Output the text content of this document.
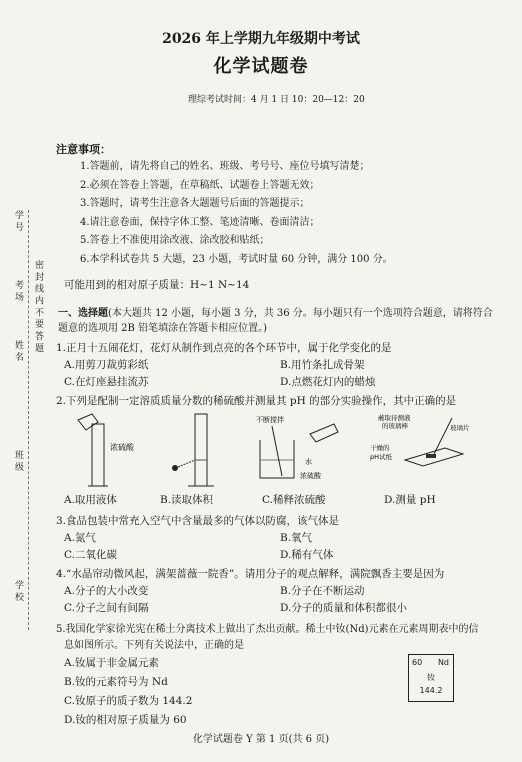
学 号
密 封 线 内 不 要 答 题
考 场
姓 名
班 级
学 校
2026 年上学期九年级期中考试
化学试题卷
理综考试时间：4 月 1 日 10：20—12：20
注意事项：
1.答题前，请先将自己的姓名、班级、考号号、座位号填写清楚；
2.必须在答卷上答题，在草稿纸、试题卷上答题无效；
3.答题时，请考生注意各大题题号后面的答题提示；
4.请注意卷面，保持字体工整、笔迹清晰、卷面清洁；
5.答卷上不准使用涂改液、涂改胶和贴纸；
6.本学科试卷共 5 大题，23 小题，考试时量 60 分钟，满分 100 分。
可能用到的相对原子质量：H~1 N~14
一、选择题(本大题共 12 小题，每小题 3 分，共 36 分。每小题只有一个选项符合题意，请将符合题意的选项用 2B 铅笔填涂在答题卡相应位置。)
1.正月十五闹花灯，花灯从制作到点亮的各个环节中，属于化学变化的是
A.用剪刀裁剪彩纸	B.用竹条扎成骨架
C.在灯座悬挂流苏	D.点燃花灯内的蜡烛
2.下列是配制一定溶质质量分数的稀硫酸并测量其 pH 的部分实验操作，其中正确的是
浓硫酸
不断搅拌
水
浓硫酸
蘸取待测液
的玻璃棒	玻璃片
干燥的
pH试纸
A.取用液体	B.读取体积	C.稀释浓硫酸	D.测量 pH
3.食品包装中常充入空气中含量最多的气体以防腐，该气体是
A.氮气	B.氧气
C.二氧化碳	D.稀有气体
4.“水晶帘动微风起，满架蔷薇一院香”。请用分子的观点解释，满院飘香主要是因为
A.分子的大小改变	B.分子在不断运动
C.分子之间有间隔	D.分子的质量和体积都很小
5.我国化学家徐光宪在稀土分离技术上做出了杰出贡献。稀土中钕(Nd)元素在元素周期表中的信
息如图所示。下列有关说法中，正确的是
A.钕属于非金属元素
B.钕的元素符号为 Nd
C.钕原子的质子数为 144.2
D.钕的相对原子质量为 60
60 Nd
钕
144.2
化学试题卷 Y 第 1 页(共 6 页)
